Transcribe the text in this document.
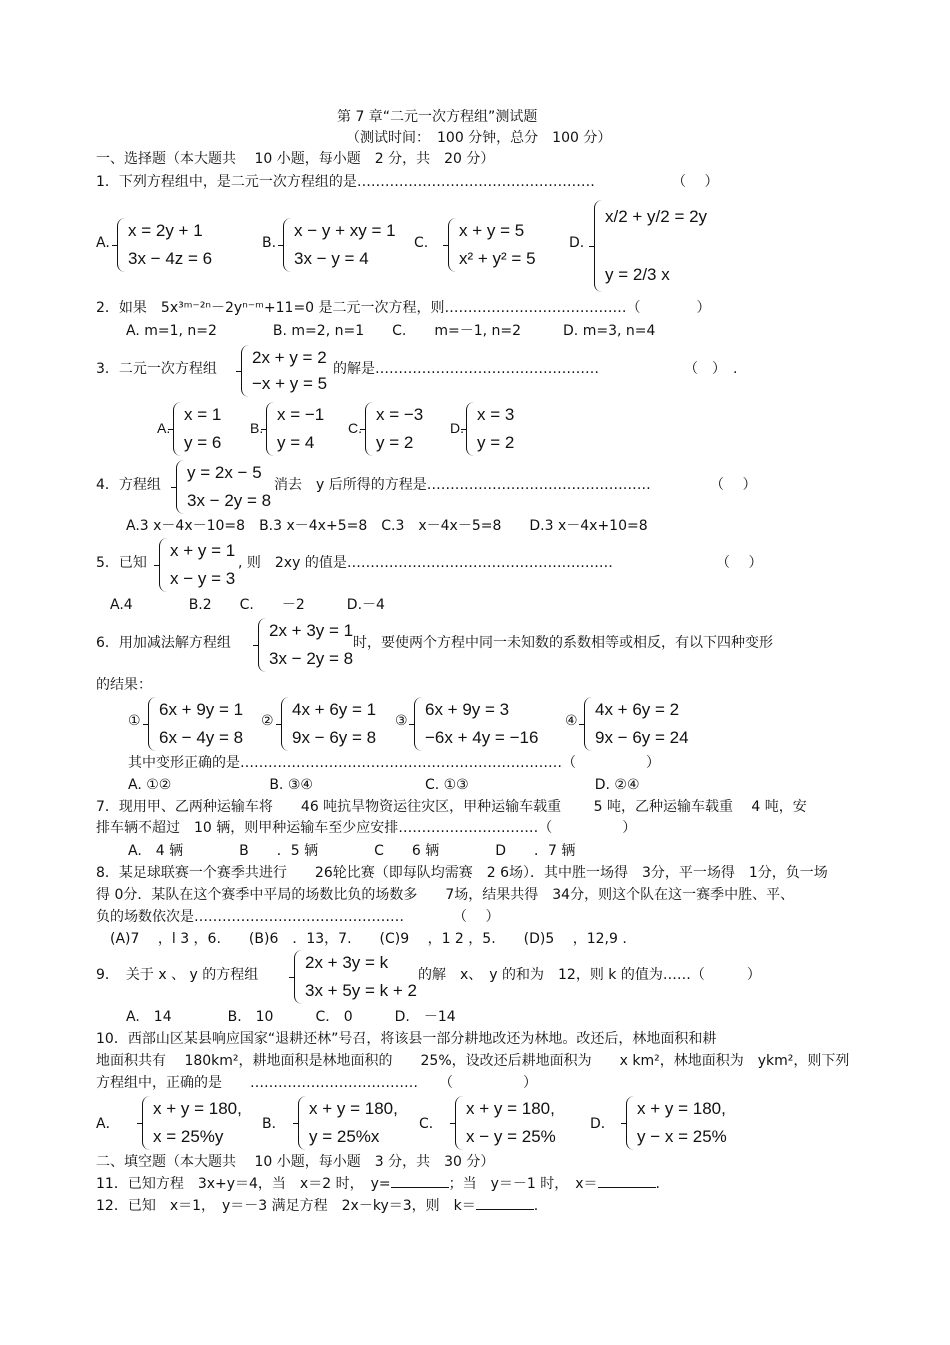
第 7 章“二元一次方程组”测试题
（测试时间：　100 分钟，总分　100 分）
一、选择题（本大题共　 10 小题，每小题　2 分，共　20 分）
1．下列方程组中，是二元一次方程组的是……………………………………………	（　 ）
A.
x = 2y + 1
3x − 4z = 6
B.
x − y + xy = 1
3x − y = 4
C.
x + y = 5
x² + y² = 5
D.
x/2 + y/2 = 2y
y = 2/3 x
2．如果　5x³ᵐ⁻²ⁿ－2yⁿ⁻ᵐ+11=0 是二元一次方程，则…………………………………（　　　　）
A. m=1, n=2　　　　B. m=2, n=1　　C.　　m=－1, n=2　　　D. m=3, n=4
3．二元一次方程组
2x + y = 2
−x + y = 5
的解是…………………………………………	（　）　.
A.
x = 1
y = 6
B.
x = −1
y = 4
C.
x = −3
y = 2
D.
x = 3
y = 2
4．方程组
y = 2x − 5
3x − 2y = 8
消去　y 后所得的方程是…………………………………………	（　 ）
A.3 x－4x－10=8　B.3 x－4x+5=8　C.3　x－4x－5=8　　D.3 x－4x+10=8
5．已知
x + y = 1
x − y = 3
, 则　2xy 的值是…………………………………………………	（　 ）
A.4　　　　B.2　　C.　　－2　　　D.－4
6．用加减法解方程组
2x + 3y = 1
3x − 2y = 8
时，要使两个方程中同一未知数的系数相等或相反，有以下四种变形
的结果：
①
6x + 9y = 1
6x − 4y = 8
②
4x + 6y = 1
9x − 6y = 8
③
6x + 9y = 3
−6x + 4y = −16
④
4x + 6y = 2
9x − 6y = 24
其中变形正确的是……………………………………………………………（　　　　　）
A. ①②　　　　　　　B. ③④　　　　　　　　C. ①③　　　　　　　　　D. ②④
7．现用甲、乙两种运输车将　　46 吨抗旱物资运往灾区，甲种运输车载重　　 5 吨，乙种运输车载重　 4 吨，安
排车辆不超过　10 辆，则甲种运输车至少应安排…………………………（　　　　　）
A.　4 辆　　　　B　　．5 辆　　　　C　　6 辆　　　　D　　．7 辆
8．某足球联赛一个赛季共进行　　26轮比赛（即每队均需赛　2 6场）．其中胜一场得　3分，平一场得　1分，负一场
得 0分．某队在这个赛季中平局的场数比负的场数多　　7场，结果共得　34分，则这个队在这一赛季中胜、平、
负的场数依次是………………………………………　　　　（　 ）
(A)7　 ，l 3 ，6.　　(B)6　．13，7.　　(C)9　 ，1 2 ，5.　　(D)5　 ，12,9 .
9．　关于 x 、 y 的方程组
2x + 3y = k
3x + 5y = k + 2
的解　x、　y 的和为　12，则 k 的值为……（　　　）
A.　14　　　　B.　10　　　C.　0　　　D.　－14
10．西部山区某县响应国家“退耕还林”号召，将该县一部分耕地改还为林地。改还后，林地面积和耕
地面积共有　 180km²，耕地面积是林地面积的　　25%，设改还后耕地面积为　　x km²，林地面积为　ykm²，则下列
方程组中，正确的是　　………………………………　　（　　　　　）
A．
x + y = 180,
x = 25%y
B．
x + y = 180,
y = 25%x
C．
x + y = 180,
x − y = 25%
D．
x + y = 180,
y − x = 25%
二、填空题（本大题共　 10 小题，每小题　3 分，共　30 分）
11．已知方程　3x+y＝4，当　x＝2 时，　y=	；当　y＝－1 时，　x＝	.
12．已知　x＝1，　y＝－3 满足方程　2x－ky＝3，则　k＝	.
